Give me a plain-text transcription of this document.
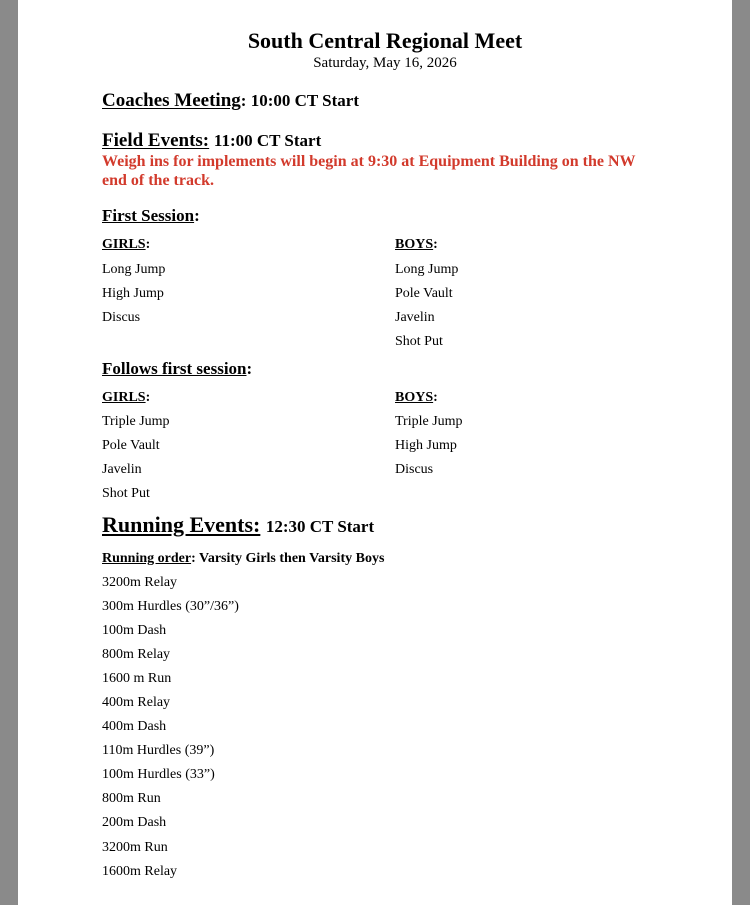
South Central Regional Meet
Saturday, May 16, 2026
Coaches Meeting: 10:00 CT Start
Field Events: 11:00 CT Start
Weigh ins for implements will begin at 9:30 at Equipment Building on the NW end of the track.
First Session:
GIRLS:	BOYS:
Long Jump
High Jump
Discus
Long Jump
Pole Vault
Javelin
Shot Put
Follows first session:
GIRLS:	BOYS:
Triple Jump
Pole Vault
Javelin
Shot Put
Triple Jump
High Jump
Discus
Running Events: 12:30 CT Start
Running order: Varsity Girls then Varsity Boys
3200m Relay
300m Hurdles (30”/36”)
100m Dash
800m Relay
1600 m Run
400m Relay
400m Dash
110m Hurdles (39”)
100m Hurdles (33”)
800m Run
200m Dash
3200m Run
1600m Relay
